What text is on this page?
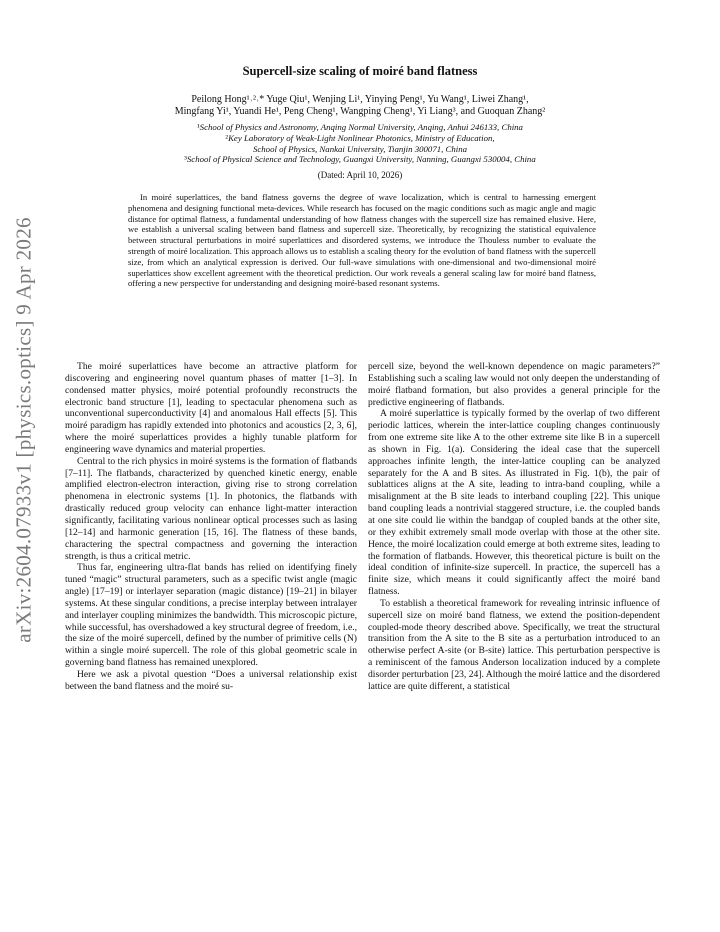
arXiv:2604.07933v1 [physics.optics] 9 Apr 2026
Supercell-size scaling of moiré band flatness
Peilong Hong¹˒²˒* Yuge Qiu¹, Wenjing Li¹, Yinying Peng¹, Yu Wang¹, Liwei Zhang¹,
Mingfang Yi¹, Yuandi He¹, Peng Cheng¹, Wangping Cheng¹, Yi Liang³, and Guoquan Zhang²
¹School of Physics and Astronomy, Anqing Normal University, Anqing, Anhui 246133, China
²Key Laboratory of Weak-Light Nonlinear Photonics, Ministry of Education,
School of Physics, Nankai University, Tianjin 300071, China
³School of Physical Science and Technology, Guangxi University, Nanning, Guangxi 530004, China
(Dated: April 10, 2026)
In moiré superlattices, the band flatness governs the degree of wave localization, which is central to harnessing emergent phenomena and designing functional meta-devices. While research has focused on the magic conditions such as magic angle and magic distance for optimal flatness, a fundamental understanding of how flatness changes with the supercell size has remained elusive. Here, we establish a universal scaling between band flatness and supercell size. Theoretically, by recognizing the statistical equivalence between structural perturbations in moiré superlattices and disordered systems, we introduce the Thouless number to evaluate the strength of moiré localization. This approach allows us to establish a scaling theory for the evolution of band flatness with the supercell size, from which an analytical expression is derived. Our full-wave simulations with one-dimensional and two-dimensional moiré superlattices show excellent agreement with the theoretical prediction. Our work reveals a general scaling law for moiré band flatness, offering a new perspective for understanding and designing moiré-based resonant systems.

The moiré superlattices have become an attractive platform for discovering and engineering novel quantum phases of matter [1–3]. In condensed matter physics, moiré potential profoundly reconstructs the electronic band structure [1], leading to spectacular phenomena such as unconventional superconductivity [4] and anomalous Hall effects [5]. This moiré paradigm has rapidly extended into photonics and acoustics [2, 3, 6], where the moiré superlattices provides a highly tunable platform for engineering wave dynamics and material properties.

Central to the rich physics in moiré systems is the formation of flatbands [7–11]. The flatbands, characterized by quenched kinetic energy, enable amplified electron-electron interaction, giving rise to strong correlation phenomena in electronic systems [1]. In photonics, the flatbands with drastically reduced group velocity can enhance light-matter interaction significantly, facilitating various nonlinear optical processes such as lasing [12–14] and harmonic generation [15, 16]. The flatness of these bands, charactering the spectral compactness and governing the interaction strength, is thus a critical metric.

Thus far, engineering ultra-flat bands has relied on identifying finely tuned “magic” structural parameters, such as a specific twist angle (magic angle) [17–19] or interlayer separation (magic distance) [19–21] in bilayer systems. At these singular conditions, a precise interplay between intralayer and interlayer coupling minimizes the bandwidth. This microscopic picture, while successful, has overshadowed a key structural degree of freedom, i.e., the size of the moiré supercell, defined by the number of primitive cells (N) within a single moiré supercell. The role of this global geometric scale in governing band flatness has remained unexplored.

Here we ask a pivotal question “Does a universal relationship exist between the band flatness and the moiré su-

percell size, beyond the well-known dependence on magic parameters?” Establishing such a scaling law would not only deepen the understanding of moiré flatband formation, but also provides a general principle for the predictive engineering of flatbands.

A moiré superlattice is typically formed by the overlap of two different periodic lattices, wherein the inter-lattice coupling changes continuously from one extreme site like A to the other extreme site like B in a supercell as shown in Fig. 1(a). Considering the ideal case that the supercell approaches infinite length, the inter-lattice coupling can be analyzed separately for the A and B sites. As illustrated in Fig. 1(b), the pair of sublattices aligns at the A site, leading to intra-band coupling, while a misalignment at the B site leads to interband coupling [22]. This unique band coupling leads a nontrivial staggered structure, i.e. the coupled bands at one site could lie within the bandgap of coupled bands at the other site, or they exhibit extremely small mode overlap with those at the other site. Hence, the moiré localization could emerge at both extreme sites, leading to the formation of flatbands. However, this theoretical picture is built on the ideal condition of infinite-size supercell. In practice, the supercell has a finite size, which means it could significantly affect the moiré band flatness.

To establish a theoretical framework for revealing intrinsic influence of supercell size on moiré band flatness, we extend the position-dependent coupled-mode theory described above. Specifically, we treat the structural transition from the A site to the B site as a perturbation introduced to an otherwise perfect A-site (or B-site) lattice. This perturbation perspective is a reminiscent of the famous Anderson localization induced by a complete disorder perturbation [23, 24]. Although the moiré lattice and the disordered lattice are quite different, a statistical
